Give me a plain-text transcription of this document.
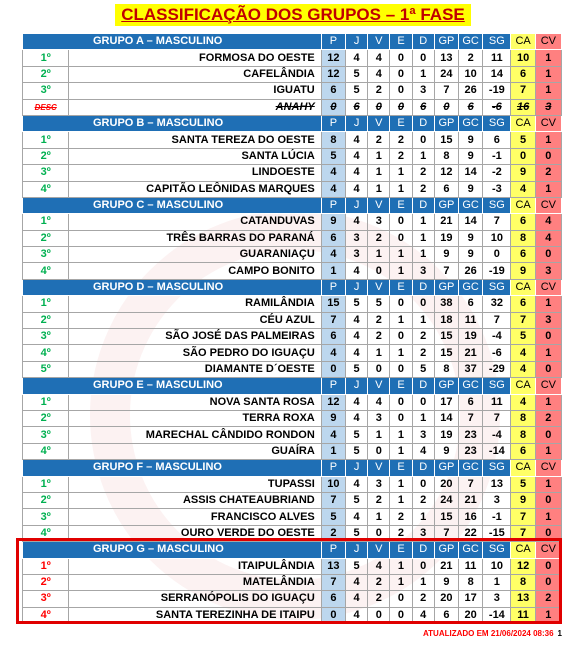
CLASSIFICAÇÃO DOS GRUPOS – 1ª FASE
GRUPO A – MASCULINO		P	J	V	E	D	GP	GC	SG	CA	CV
1º	FORMOSA DO OESTE	12	4	4	0	0	13	2	11	10	1
2º	CAFELÂNDIA	12	5	4	0	1	24	10	14	6	1
3º	IGUATU	6	5	2	0	3	7	26	-19	7	1
DESC	ANAHY	0	6	0	0	6	0	6	-6	16	3
GRUPO B – MASCULINO		P	J	V	E	D	GP	GC	SG	CA	CV
1º	SANTA TEREZA DO OESTE	8	4	2	2	0	15	9	6	5	1
2º	SANTA LÚCIA	5	4	1	2	1	8	9	-1	0	0
3º	LINDOESTE	4	4	1	1	2	12	14	-2	9	2
4º	CAPITÃO LEÔNIDAS MARQUES	4	4	1	1	2	6	9	-3	4	1
GRUPO C – MASCULINO		P	J	V	E	D	GP	GC	SG	CA	CV
1º	CATANDUVAS	9	4	3	0	1	21	14	7	6	4
2º	TRÊS BARRAS DO PARANÁ	6	3	2	0	1	19	9	10	8	4
3º	GUARANIAÇU	4	3	1	1	1	9	9	0	6	0
4º	CAMPO BONITO	1	4	0	1	3	7	26	-19	9	3
GRUPO D – MASCULINO		P	J	V	E	D	GP	GC	SG	CA	CV
1º	RAMILÂNDIA	15	5	5	0	0	38	6	32	6	1
2º	CÉU AZUL	7	4	2	1	1	18	11	7	7	3
3º	SÃO JOSÉ DAS PALMEIRAS	6	4	2	0	2	15	19	-4	5	0
4º	SÃO PEDRO DO IGUAÇU	4	4	1	1	2	15	21	-6	4	1
5º	DIAMANTE D´OESTE	0	5	0	0	5	8	37	-29	4	0
GRUPO E – MASCULINO		P	J	V	E	D	GP	GC	SG	CA	CV
1º	NOVA SANTA ROSA	12	4	4	0	0	17	6	11	4	1
2º	TERRA ROXA	9	4	3	0	1	14	7	7	8	2
3º	MARECHAL CÂNDIDO RONDON	4	5	1	1	3	19	23	-4	8	0
4º	GUAÍRA	1	5	0	1	4	9	23	-14	6	1
GRUPO F – MASCULINO		P	J	V	E	D	GP	GC	SG	CA	CV
1º	TUPASSI	10	4	3	1	0	20	7	13	5	1
2º	ASSIS CHATEAUBRIAND	7	5	2	1	2	24	21	3	9	0
3º	FRANCISCO ALVES	5	4	1	2	1	15	16	-1	7	1
4º	OURO VERDE DO OESTE	2	5	0	2	3	7	22	-15	7	0
GRUPO G – MASCULINO		P	J	V	E	D	GP	GC	SG	CA	CV
1º	ITAIPULÂNDIA	13	5	4	1	0	21	11	10	12	0
2º	MATELÂNDIA	7	4	2	1	1	9	8	1	8	0
3º	SERRANÓPOLIS DO IGUAÇU	6	4	2	0	2	20	17	3	13	2
4º	SANTA TEREZINHA DE ITAIPU	0	4	0	0	4	6	20	-14	11	1
ATUALIZADO EM 21/06/2024 08:36 1
